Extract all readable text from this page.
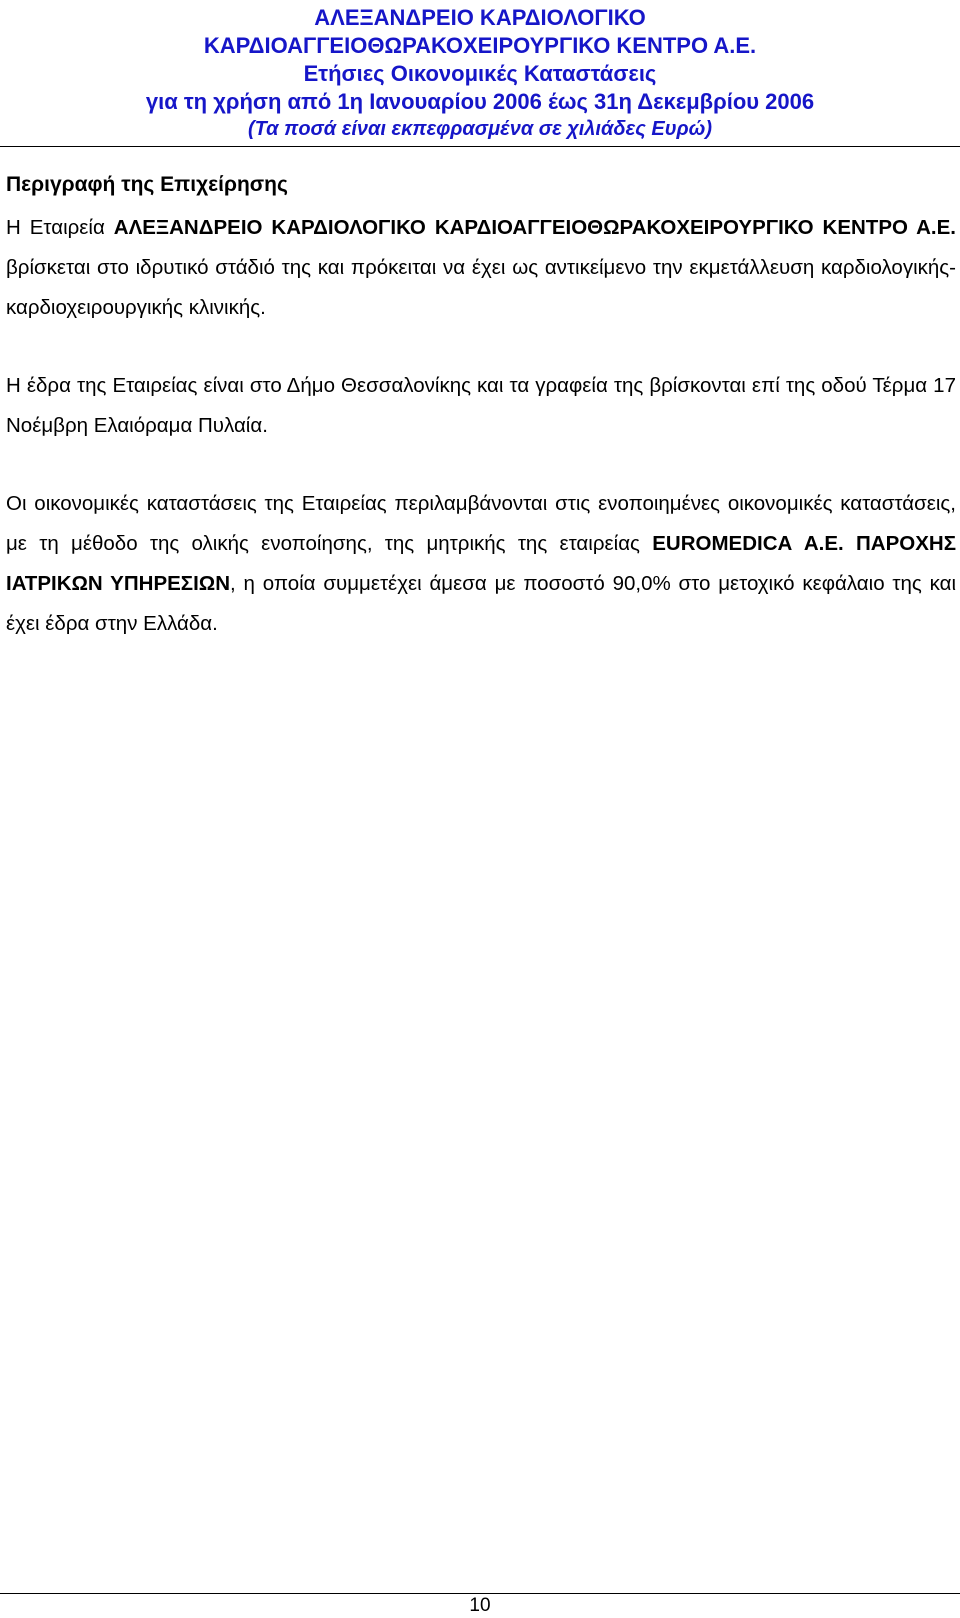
ΑΛΕΞΑΝΔΡΕΙΟ ΚΑΡΔΙΟΛΟΓΙΚΟ
ΚΑΡΔΙΟΑΓΓΕΙΟΘΩΡΑΚΟΧΕΙΡΟΥΡΓΙΚΟ ΚΕΝΤΡΟ Α.Ε.
Ετήσιες Οικονομικές Καταστάσεις
για τη χρήση από 1η Ιανουαρίου 2006 έως 31η Δεκεμβρίου 2006
(Τα ποσά είναι εκπεφρασμένα σε χιλιάδες Ευρώ)
Περιγραφή της Επιχείρησης

Η Εταιρεία ΑΛΕΞΑΝΔΡΕΙΟ ΚΑΡΔΙΟΛΟΓΙΚΟ ΚΑΡΔΙΟΑΓΓΕΙΟΘΩΡΑΚΟΧΕΙΡΟΥΡΓΙΚΟ ΚΕΝΤΡΟ Α.Ε. βρίσκεται στο ιδρυτικό στάδιό της και πρόκειται να έχει ως αντικείμενο την εκμετάλλευση καρδιολογικής-καρδιοχειρουργικής κλινικής.

Η έδρα της Εταιρείας είναι στο Δήμο Θεσσαλονίκης και τα γραφεία της βρίσκονται επί της οδού Τέρμα 17 Νοέμβρη Ελαιόραμα Πυλαία.

Οι οικονομικές καταστάσεις της Εταιρείας περιλαμβάνονται στις ενοποιημένες οικονομικές καταστάσεις, με τη μέθοδο της ολικής ενοποίησης, της μητρικής της εταιρείας EUROMEDICA Α.Ε. ΠΑΡΟΧΗΣ ΙΑΤΡΙΚΩΝ ΥΠΗΡΕΣΙΩΝ, η οποία συμμετέχει άμεσα με ποσοστό 90,0% στο μετοχικό κεφάλαιο της και έχει έδρα στην Ελλάδα.

10
